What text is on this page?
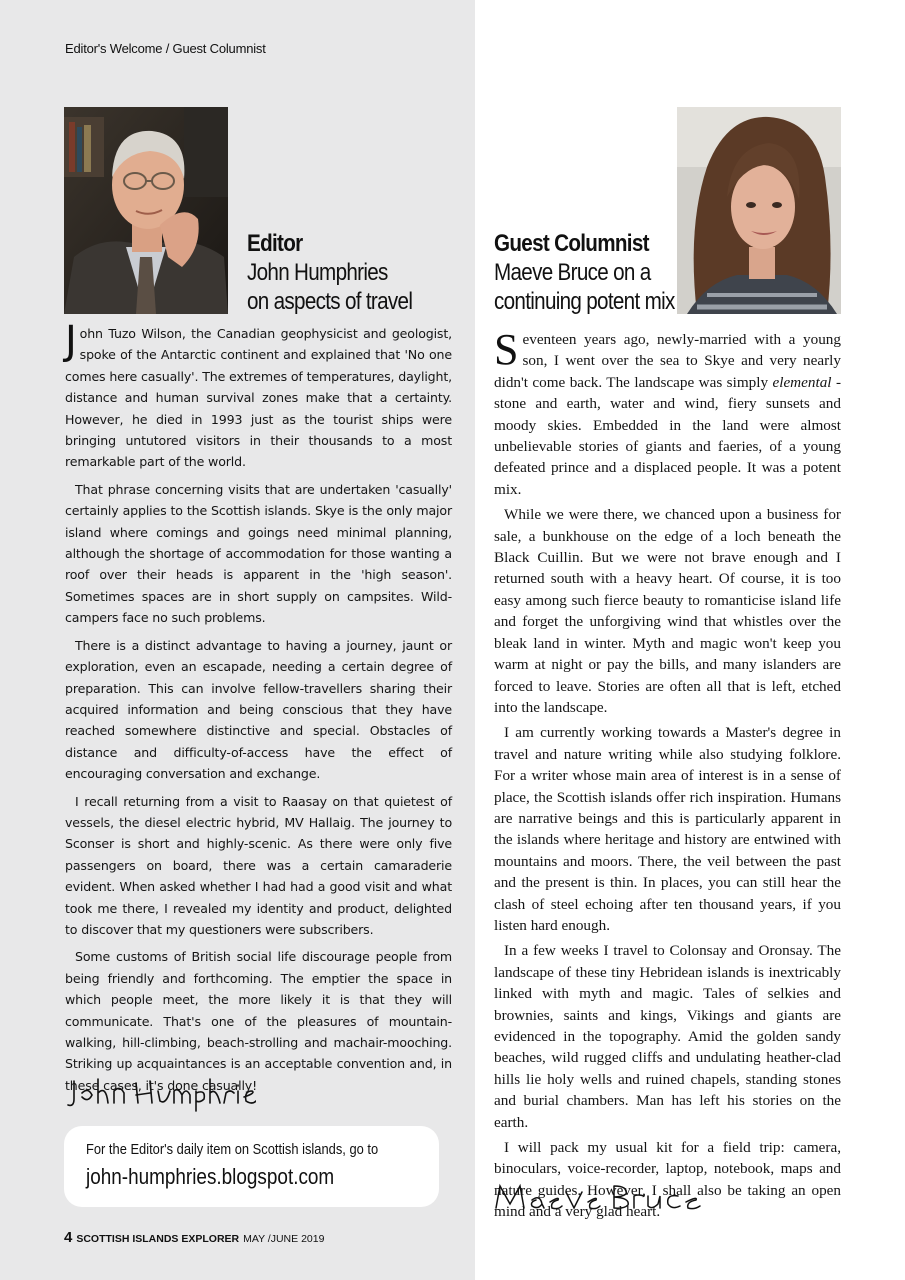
Editor's Welcome / Guest Columnist
Editor
John Humphries
on aspects of travel
Guest Columnist
Maeve Bruce on a
continuing potent mix

John Tuzo Wilson, the Canadian geophysicist and geologist, spoke of the Antarctic continent and explained that 'No one comes here casually'. The extremes of temperatures, daylight, distance and human survival zones make that a certainty. However, he died in 1993 just as the tourist ships were bringing untutored visitors in their thousands to a most remarkable part of the world.

That phrase concerning visits that are undertaken 'casually' certainly applies to the Scottish islands. Skye is the only major island where comings and goings need minimal planning, although the shortage of accommodation for those wanting a roof over their heads is apparent in the 'high season'. Sometimes spaces are in short supply on campsites. Wild-campers face no such problems.

There is a distinct advantage to having a journey, jaunt or exploration, even an escapade, needing a certain degree of preparation. This can involve fellow-travellers sharing their acquired information and being conscious that they have reached somewhere distinctive and special. Obstacles of distance and difficulty-of-access have the effect of encouraging conversation and exchange.

I recall returning from a visit to Raasay on that quietest of vessels, the diesel electric hybrid, MV Hallaig. The journey to Sconser is short and highly-scenic. As there were only five passengers on board, there was a certain camaraderie evident. When asked whether I had had a good visit and what took me there, I revealed my identity and product, delighted to discover that my questioners were subscribers.

Some customs of British social life discourage people from being friendly and forthcoming. The emptier the space in which people meet, the more likely it is that they will communicate. That's one of the pleasures of mountain-walking, hill-climbing, beach-strolling and machair-mooching. Striking up acquaintances is an acceptable convention and, in these cases, it's done casually!

For the Editor's daily item on Scottish islands, go to
john-humphries.blogspot.com

Seventeen years ago, newly-married with a young son, I went over the sea to Skye and very nearly didn't come back. The landscape was simply elemental - stone and earth, water and wind, fiery sunsets and moody skies. Embedded in the land were almost unbelievable stories of giants and faeries, of a young defeated prince and a displaced people. It was a potent mix.

While we were there, we chanced upon a business for sale, a bunkhouse on the edge of a loch beneath the Black Cuillin. But we were not brave enough and I returned south with a heavy heart. Of course, it is too easy among such fierce beauty to romanticise island life and forget the unforgiving wind that whistles over the bleak land in winter. Myth and magic won't keep you warm at night or pay the bills, and many islanders are forced to leave. Stories are often all that is left, etched into the landscape.

I am currently working towards a Master's degree in travel and nature writing while also studying folklore. For a writer whose main area of interest is in a sense of place, the Scottish islands offer rich inspiration. Humans are narrative beings and this is particularly apparent in the islands where heritage and history are entwined with mountains and moors. There, the veil between the past and the present is thin. In places, you can still hear the clash of steel echoing after ten thousand years, if you listen hard enough.

In a few weeks I travel to Colonsay and Oronsay. The landscape of these tiny Hebridean islands is inextricably linked with myth and magic. Tales of selkies and brownies, saints and kings, Vikings and giants are evidenced in the topography. Amid the golden sandy beaches, wild rugged cliffs and undulating heather-clad hills lie holy wells and ruined chapels, standing stones and burial chambers. Man has left his stories on the earth.

I will pack my usual kit for a field trip: camera, binoculars, voice-recorder, laptop, notebook, maps and nature guides. However, I shall also be taking an open mind and a very glad heart.

4 SCOTTISH ISLANDS EXPLORER MAY /JUNE 2019
